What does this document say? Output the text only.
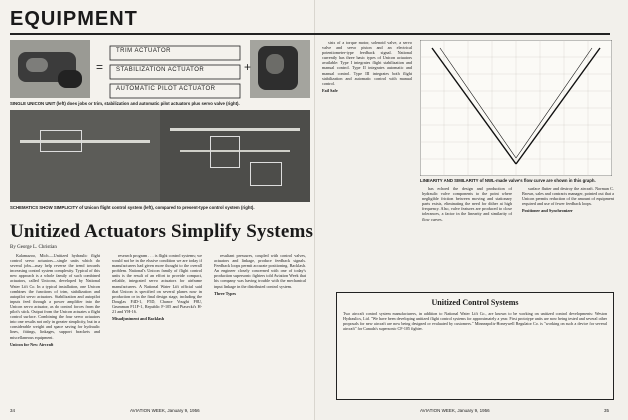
EQUIPMENT
=
TRIM ACTUATOR
STABILIZATION ACTUATOR
AUTOMATIC PILOT ACTUATOR
+
SINGLE UNICON UNIT (left) does jobs or trim, stabilization and automatic pilot actuators plus servo valve (right).
SCHEMATICS SHOW SIMPLICITY of Unicon flight control system (left), compared to present-type control system (right).
Unitized Actuators Simplify Systems
By George L. Christian

Kalamazoo, Mich.—Unitized hydraulic flight control servo actuators—single units which do several jobs—may help reverse the trend towards increasing control system complexity. Typical of this new approach is a whole family of such combined actuators, called Unicons, developed by National Water Lift Co. In a typical installation, one Unicon combines the functions of trim, stabilization and autopilot servo actuators. Stabilization and autopilot inputs feed through a power amplifier into the Unicon servo actuator, as do control forces from the pilot's stick. Output from the Unicon actuates a flight control surface. Combining the four servo actuators into one results not only in greater simplicity, but in a considerable weight and space saving for hydraulic lines, fittings, linkages, support brackets and miscellaneous equipment.

Unicon for New Aircraft

research program . . . is flight control systems; we would not be in the elusive condition we are today if manufacturers had given more thought to the overall problem. National's Unicon family of flight control units is the result of an effort to provide compact, reliable, integrated servo actuators for airframe manufacturers. A National Water Lift official said that Unicon is specified on several planes now in production or in the final design stage, including the Douglas F4D-1, F5D, Chance Vought F8U, Grumman F11F-1, Republic F-105 and Piasecki's H-21 and YH-16.

Misadjustment and Backlash

resultant pressures, coupled with control valves, actuators and linkage, produce feedback signals. Feedback loops permit accurate positioning. Backlash. An engineer closely concerned with one of today's production supersonic fighters told Aviation Week that his company was having trouble with the mechanical input linkage in the distributed control system.

Three Types
34	AVIATION WEEK, January 9, 1956

sists of a torque motor, solenoid valve, a servo valve and servo piston and an electrical potentiometer-type feedback signal. National currently has three basic types of Unicon actuators available: Type I integrates flight stabilization and manual control. Type II integrates automatic and manual control. Type III integrates both flight stabilization and automatic control with manual control.

Fail Safe

has echoed the design and production of hydraulic valve components to the point where negligible friction between moving and stationary parts exists, eliminating the need for dither at high frequency. Also, valve features are produced to close tolerances, a factor in the linearity and similarity of flow curves.

surface flutter and destroy the aircraft. Norman C. Brown, sales and contracts manager, pointed out that a Unicon permits reduction of the amount of equipment required and use of fewer feedback loops.

Positioner and Synchronizer
LINEARITY AND SIMILARITY of NWL-made valve's flow curve are shown in this graph.
Unitized Control Systems
Two aircraft control system manufacturers, in addition to National Water Lift Co., are known to be working on unitized control developments: Weston Hydraulics, Ltd. "We have been developing unitized flight control systems for approximately a year. First prototype units are now being tested and several other proposals for new aircraft are now being designed or evaluated by customers." Minneapolis-Honeywell Regulator Co. is "working on such a device for several aircraft" for Canada's supersonic CF-105 fighter.
AVIATION WEEK, January 9, 1956	35
